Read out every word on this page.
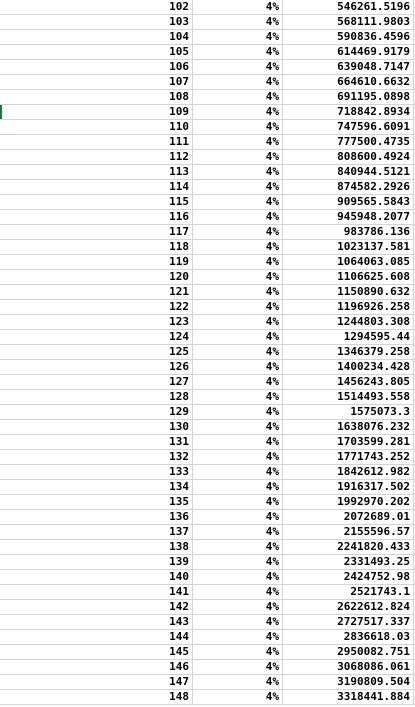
102	4%	546261.5196
103	4%	568111.9803
104	4%	590836.4596
105	4%	614469.9179
106	4%	639048.7147
107	4%	664610.6632
108	4%	691195.0898
109	4%	718842.8934
110	4%	747596.6091
111	4%	777500.4735
112	4%	808600.4924
113	4%	840944.5121
114	4%	874582.2926
115	4%	909565.5843
116	4%	945948.2077
117	4%	983786.136
118	4%	1023137.581
119	4%	1064063.085
120	4%	1106625.608
121	4%	1150890.632
122	4%	1196926.258
123	4%	1244803.308
124	4%	1294595.44
125	4%	1346379.258
126	4%	1400234.428
127	4%	1456243.805
128	4%	1514493.558
129	4%	1575073.3
130	4%	1638076.232
131	4%	1703599.281
132	4%	1771743.252
133	4%	1842612.982
134	4%	1916317.502
135	4%	1992970.202
136	4%	2072689.01
137	4%	2155596.57
138	4%	2241820.433
139	4%	2331493.25
140	4%	2424752.98
141	4%	2521743.1
142	4%	2622612.824
143	4%	2727517.337
144	4%	2836618.03
145	4%	2950082.751
146	4%	3068086.061
147	4%	3190809.504
148	4%	3318441.884
